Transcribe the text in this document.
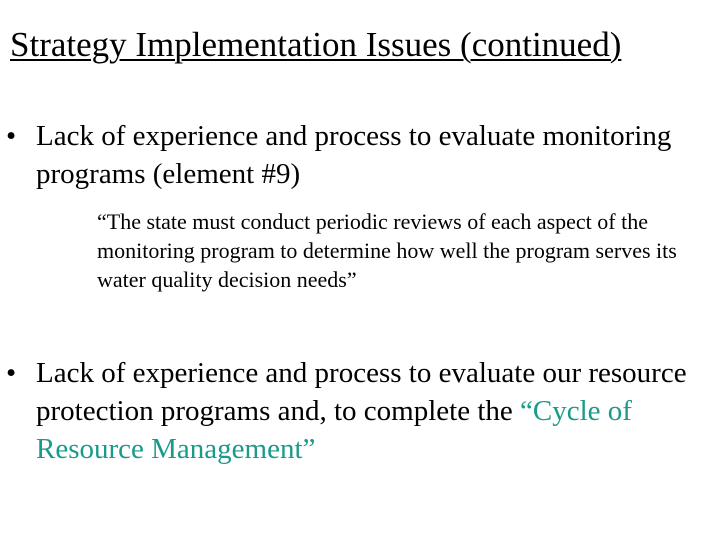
Strategy Implementation Issues (continued)
• Lack of experience and process to evaluate monitoring programs (element #9)
“The state must conduct periodic reviews of each aspect of the monitoring program to determine how well the program serves its water quality decision needs”
• Lack of experience and process to evaluate our resource protection programs and, to complete the “Cycle of Resource Management”
